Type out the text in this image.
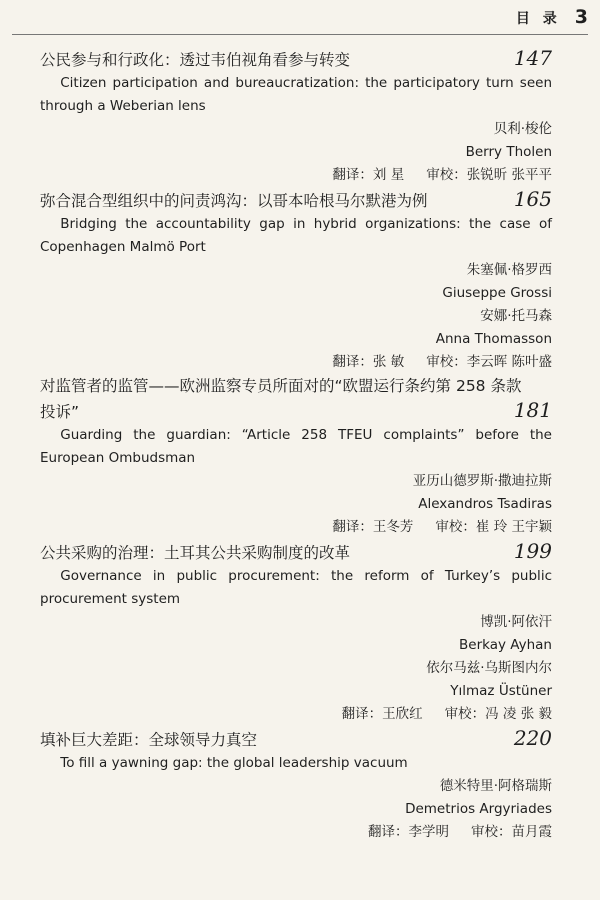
目 录 3
公民参与和行政化：透过韦伯视角看参与转变	147

Citizen participation and bureaucratization: the participatory turn seen through a Weberian lens

贝利·梭伦
Berry Tholen
翻译：刘 星 审校：张锐昕 张平平
弥合混合型组织中的问责鸿沟：以哥本哈根马尔默港为例	165

Bridging the accountability gap in hybrid organizations: the case of Copenhagen Malmö Port

朱塞佩·格罗西
Giuseppe Grossi
安娜·托马森
Anna Thomasson
翻译：张 敏 审校：李云晖 陈叶盛
对监管者的监管——欧洲监察专员所面对的“欧盟运行条约第 258 条款
投诉”	181

Guarding the guardian: “Article 258 TFEU complaints” before the European Ombudsman

亚历山德罗斯·撒迪拉斯
Alexandros Tsadiras
翻译：王冬芳 审校：崔 玲 王宇颖
公共采购的治理：土耳其公共采购制度的改革	199

Governance in public procurement: the reform of Turkey’s public procurement system

博凯·阿依汗
Berkay Ayhan
依尔马兹·乌斯图内尔
Yılmaz Üstüner
翻译：王欣红 审校：冯 凌 张 毅
填补巨大差距：全球领导力真空	220

To fill a yawning gap: the global leadership vacuum

德米特里·阿格瑞斯
Demetrios Argyriades
翻译：李学明 审校：苗月霞
